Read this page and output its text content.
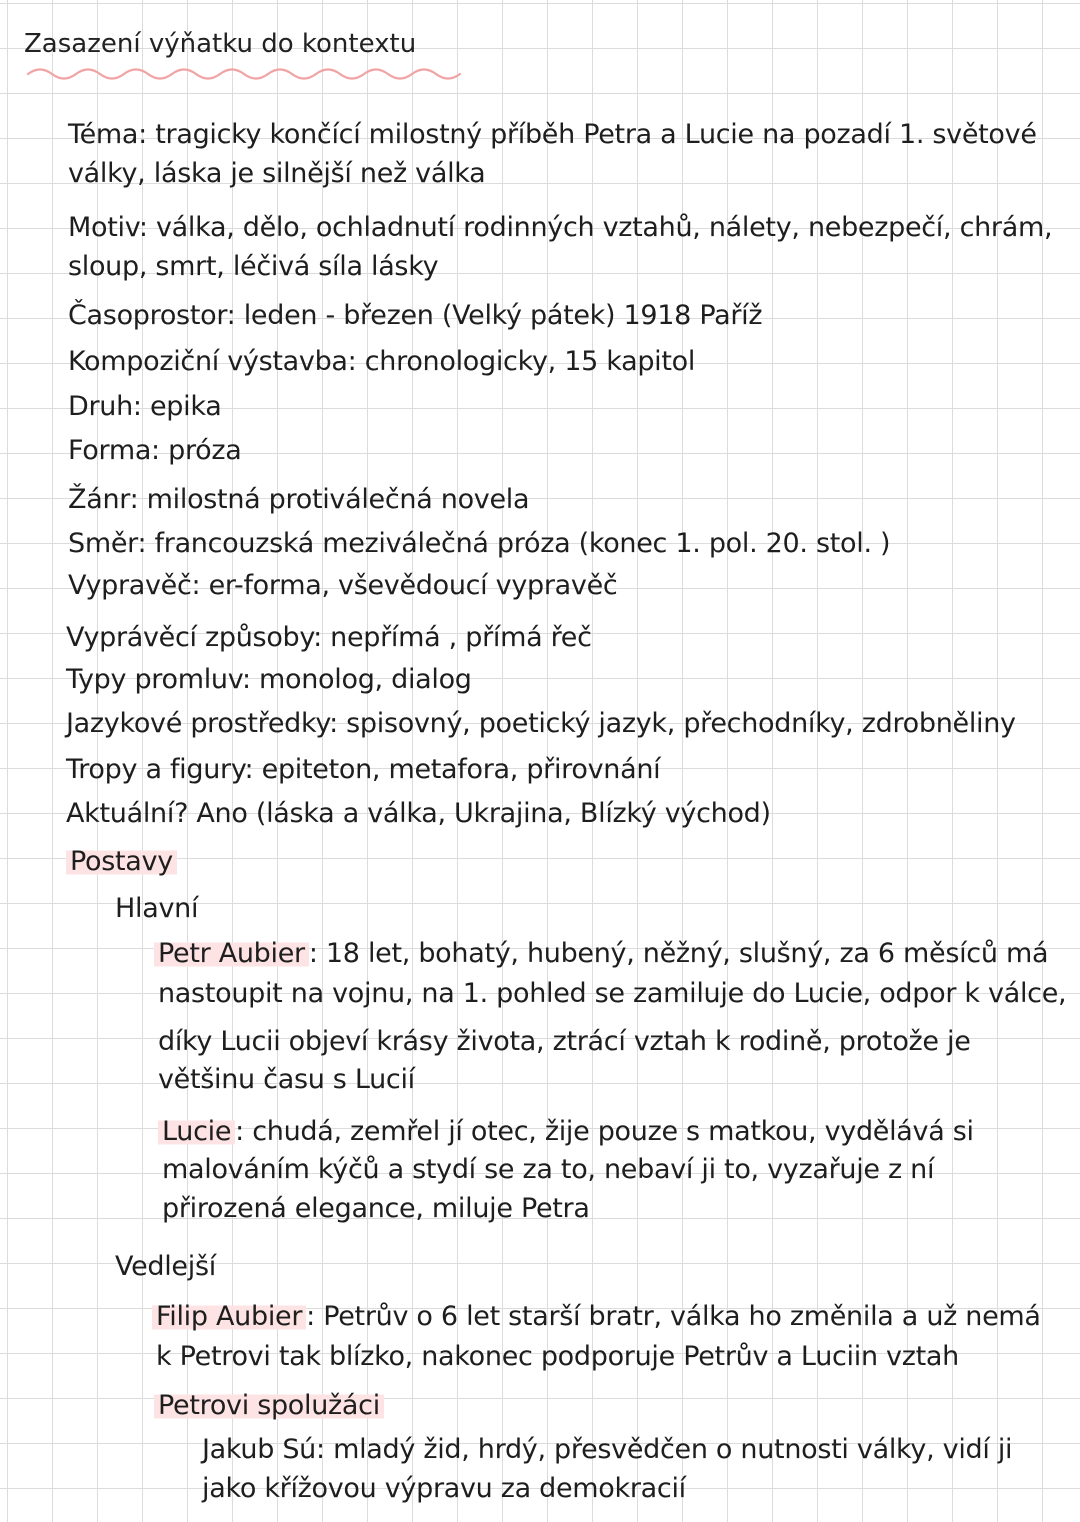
Zasazení výňatku do kontextu
Téma: tragicky končící milostný příběh Petra a Lucie na pozadí 1. světové
války, láska je silnější než válka
Motiv: válka, dělo, ochladnutí rodinných vztahů, nálety, nebezpečí, chrám,
sloup, smrt, léčivá síla lásky
Časoprostor: leden - březen (Velký pátek) 1918 Paříž
Kompoziční výstavba: chronologicky, 15 kapitol
Druh: epika
Forma: próza
Žánr: milostná protiválečná novela
Směr: francouzská meziválečná próza (konec 1. pol. 20. stol. )
Vypravěč: er-forma, vševědoucí vypravěč
Vyprávěcí způsoby: nepřímá , přímá řeč
Typy promluv: monolog, dialog
Jazykové prostředky: spisovný, poetický jazyk, přechodníky, zdrobněliny
Tropy a figury: epiteton, metafora, přirovnání
Aktuální? Ano (láska a válka, Ukrajina, Blízký východ)
Postavy
Hlavní
Petr Aubier : 18 let, bohatý, hubený, něžný, slušný, za 6 měsíců má
nastoupit na vojnu, na 1. pohled se zamiluje do Lucie, odpor k válce,
díky Lucii objeví krásy života, ztrácí vztah k rodině, protože je
většinu času s Lucií
Lucie : chudá, zemřel jí otec, žije pouze s matkou, vydělává si
malováním kýčů a stydí se za to, nebaví ji to, vyzařuje z ní
přirozená elegance, miluje Petra
Vedlejší
Filip Aubier : Petrův o 6 let starší bratr, válka ho změnila a už nemá
k Petrovi tak blízko, nakonec podporuje Petrův a Luciin vztah
Petrovi spolužáci
Jakub Sú: mladý žid, hrdý, přesvědčen o nutnosti války, vidí ji
jako křížovou výpravu za demokracií
